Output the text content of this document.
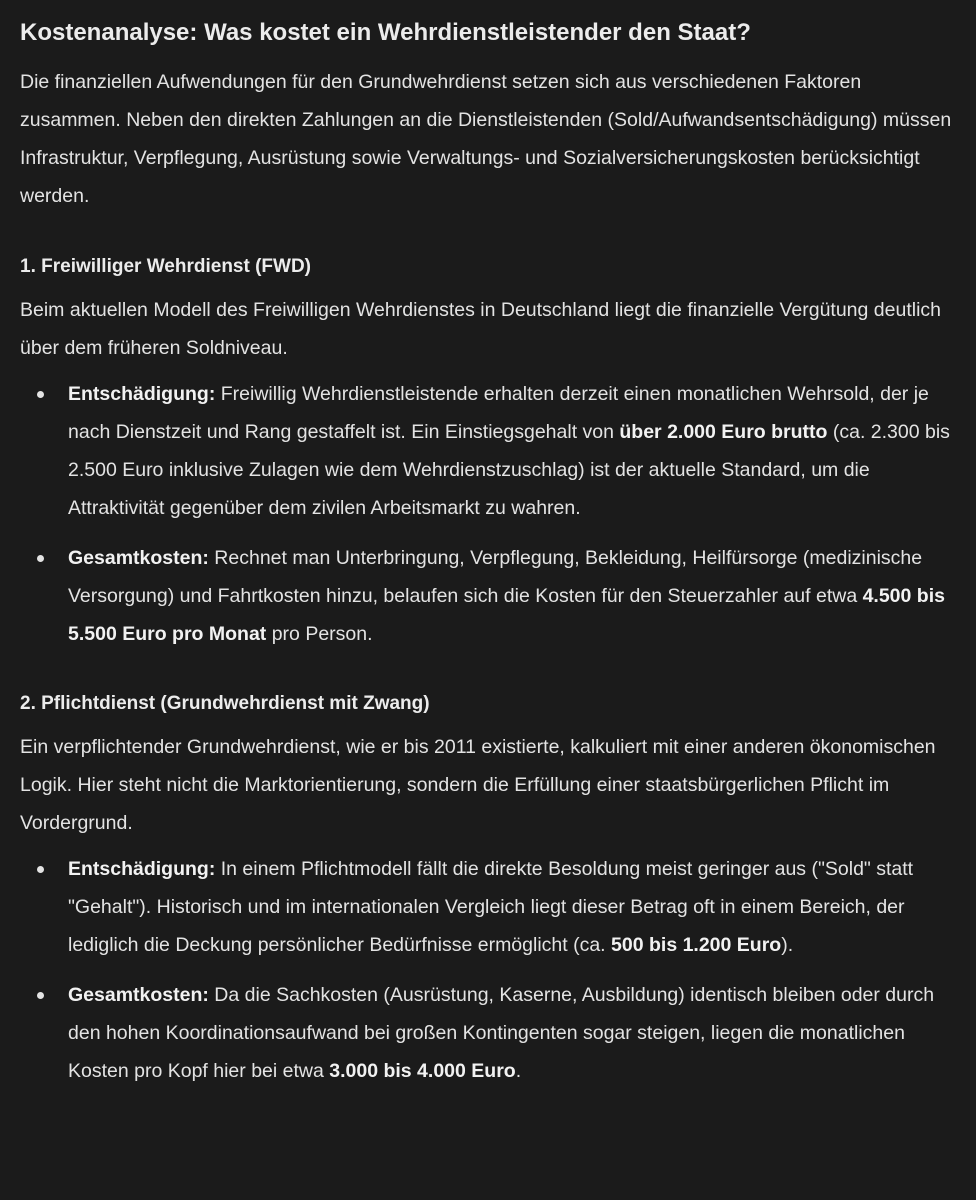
Kostenanalyse: Was kostet ein Wehrdienstleistender den Staat?

Die finanziellen Aufwendungen für den Grundwehrdienst setzen sich aus verschiedenen Faktoren zusammen. Neben den direkten Zahlungen an die Dienstleistenden (Sold/Aufwandsentschädigung) müssen Infrastruktur, Verpflegung, Ausrüstung sowie Verwaltungs- und Sozialversicherungskosten berücksichtigt werden.

1. Freiwilliger Wehrdienst (FWD)

Beim aktuellen Modell des Freiwilligen Wehrdienstes in Deutschland liegt die finanzielle Vergütung deutlich über dem früheren Soldniveau.

Entschädigung: Freiwillig Wehrdienstleistende erhalten derzeit einen monatlichen Wehrsold, der je nach Dienstzeit und Rang gestaffelt ist. Ein Einstiegsgehalt von über 2.000 Euro brutto (ca. 2.300 bis 2.500 Euro inklusive Zulagen wie dem Wehrdienstzuschlag) ist der aktuelle Standard, um die Attraktivität gegenüber dem zivilen Arbeitsmarkt zu wahren.
Gesamtkosten: Rechnet man Unterbringung, Verpflegung, Bekleidung, Heilfürsorge (medizinische Versorgung) und Fahrtkosten hinzu, belaufen sich die Kosten für den Steuerzahler auf etwa 4.500 bis 5.500 Euro pro Monat pro Person.
2. Pflichtdienst (Grundwehrdienst mit Zwang)

Ein verpflichtender Grundwehrdienst, wie er bis 2011 existierte, kalkuliert mit einer anderen ökonomischen Logik. Hier steht nicht die Marktorientierung, sondern die Erfüllung einer staatsbürgerlichen Pflicht im Vordergrund.

Entschädigung: In einem Pflichtmodell fällt die direkte Besoldung meist geringer aus ("Sold" statt "Gehalt"). Historisch und im internationalen Vergleich liegt dieser Betrag oft in einem Bereich, der lediglich die Deckung persönlicher Bedürfnisse ermöglicht (ca. 500 bis 1.200 Euro).
Gesamtkosten: Da die Sachkosten (Ausrüstung, Kaserne, Ausbildung) identisch bleiben oder durch den hohen Koordinationsaufwand bei großen Kontingenten sogar steigen, liegen die monatlichen Kosten pro Kopf hier bei etwa 3.000 bis 4.000 Euro.
